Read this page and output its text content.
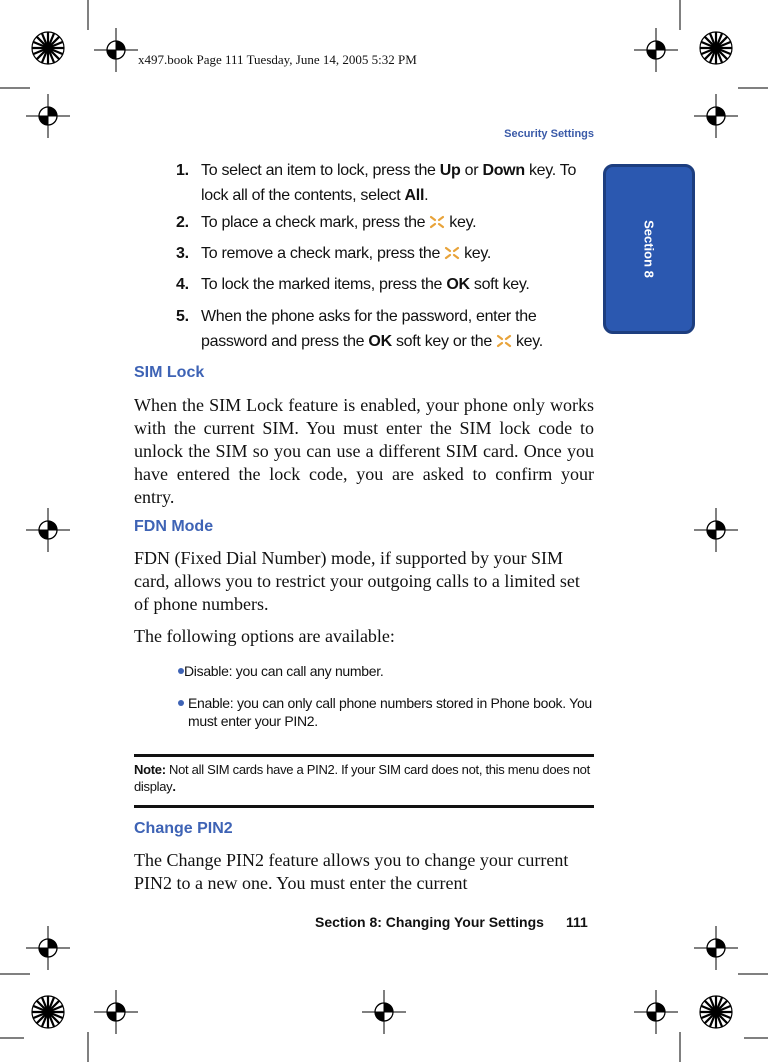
x497.book Page 111 Tuesday, June 14, 2005 5:32 PM
Security Settings
Section 8
1. To select an item to lock, press the Up or Down key. To lock all of the contents, select All.
2. To place a check mark, press the key.
3. To remove a check mark, press the key.
4. To lock the marked items, press the OK soft key.
5. When the phone asks for the password, enter the password and press the OK soft key or the key.
SIM Lock
When the SIM Lock feature is enabled, your phone only works with the current SIM. You must enter the SIM lock code to unlock the SIM so you can use a different SIM card. Once you have entered the lock code, you are asked to confirm your entry.
FDN Mode
FDN (Fixed Dial Number) mode, if supported by your SIM card, allows you to restrict your outgoing calls to a limited set of phone numbers.
The following options are available:
Disable: you can call any number.
Enable: you can only call phone numbers stored in Phone book. You must enter your PIN2.
Note: Not all SIM cards have a PIN2. If your SIM card does not, this menu does not display.
Change PIN2
The Change PIN2 feature allows you to change your current PIN2 to a new one. You must enter the current
Section 8: Changing Your Settings 111
